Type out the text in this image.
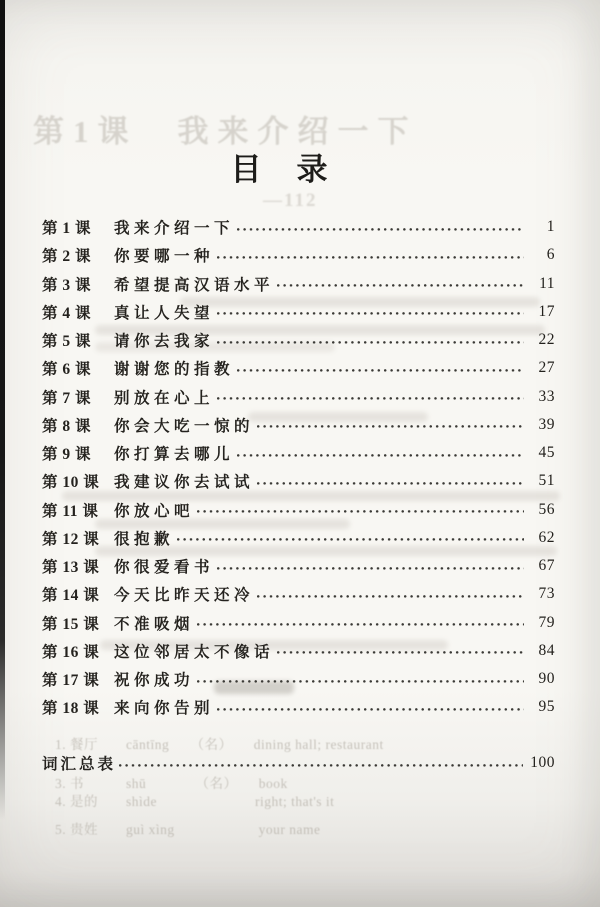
第1课　我来介绍一下
—112
1. 餐厅　　cāntīng　　（名）　　dining hall; restaurant
3. 书　　　shū　　　　（名）　　book
4. 是的　　shìde　　　　　　　right; that's it
5. 贵姓　　guì xìng　　　　　　your name
目　录
第 1 课	我来介绍一下	1
第 2 课	你要哪一种	6
第 3 课	希望提高汉语水平	11
第 4 课	真让人失望	17
第 5 课	请你去我家	22
第 6 课	谢谢您的指教	27
第 7 课	别放在心上	33
第 8 课	你会大吃一惊的	39
第 9 课	你打算去哪儿	45
第 10 课 我建议你去试试	51
第 11 课	你放心吧	56
第 12 课 很抱歉	62
第 13 课 你很爱看书	67
第 14 课 今天比昨天还冷	73
第 15 课 不准吸烟	79
第 16 课 这位邻居太不像话	84
第 17 课 祝你成功	90
第 18 课 来向你告别	95
词汇总表	100
